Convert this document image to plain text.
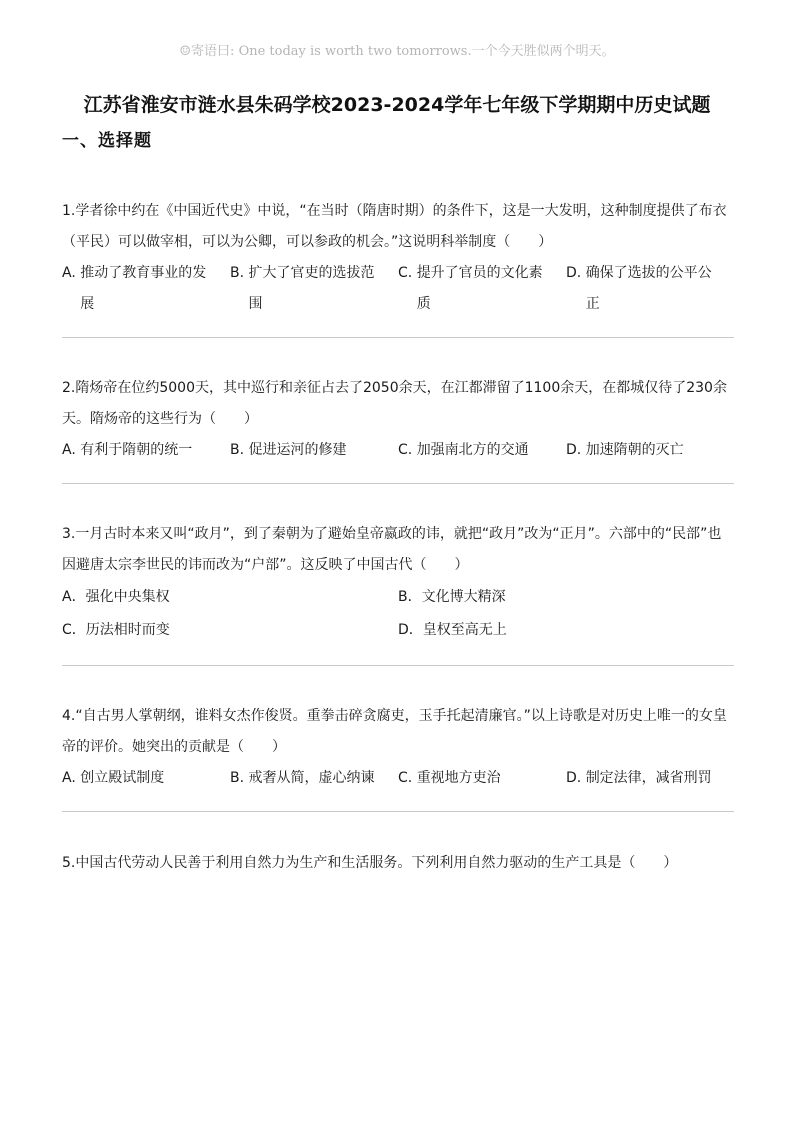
☺寄语曰: One today is worth two tomorrows.一个今天胜似两个明天。
江苏省淮安市涟水县朱码学校2023-2024学年七年级下学期期中历史试题
一、选择题

1.学者徐中约在《中国近代史》中说，“在当时（隋唐时期）的条件下，这是一大发明，这种制度提供了布衣（平民）可以做宰相，可以为公卿，可以参政的机会。”这说明科举制度（　　）

A. 推动了教育事业的发展
B. 扩大了官吏的选拔范围
C. 提升了官员的文化素质
D. 确保了选拔的公平公正

2.隋炀帝在位约5000天，其中巡行和亲征占去了2050余天，在江都滞留了1100余天，在都城仅待了230余天。隋炀帝的这些行为（　　）

A. 有利于隋朝的统一	B. 促进运河的修建	C. 加强南北方的交通	D. 加速隋朝的灭亡

3.一月古时本来又叫“政月”，到了秦朝为了避始皇帝嬴政的讳，就把“政月”改为“正月”。六部中的“民部”也因避唐太宗李世民的讳而改为“户部”。这反映了中国古代（　　）

A． 强化中央集权	B． 文化博大精深
C． 历法相时而变	D． 皇权至高无上

4.“自古男人掌朝纲，谁料女杰作俊贤。重拳击碎贪腐吏，玉手托起清廉官。”以上诗歌是对历史上唯一的女皇帝的评价。她突出的贡献是（　　）

A. 创立殿试制度	B. 戒奢从简，虚心纳谏	C. 重视地方吏治	D. 制定法律，减省刑罚

5.中国古代劳动人民善于利用自然力为生产和生活服务。下列利用自然力驱动的生产工具是（　　）
